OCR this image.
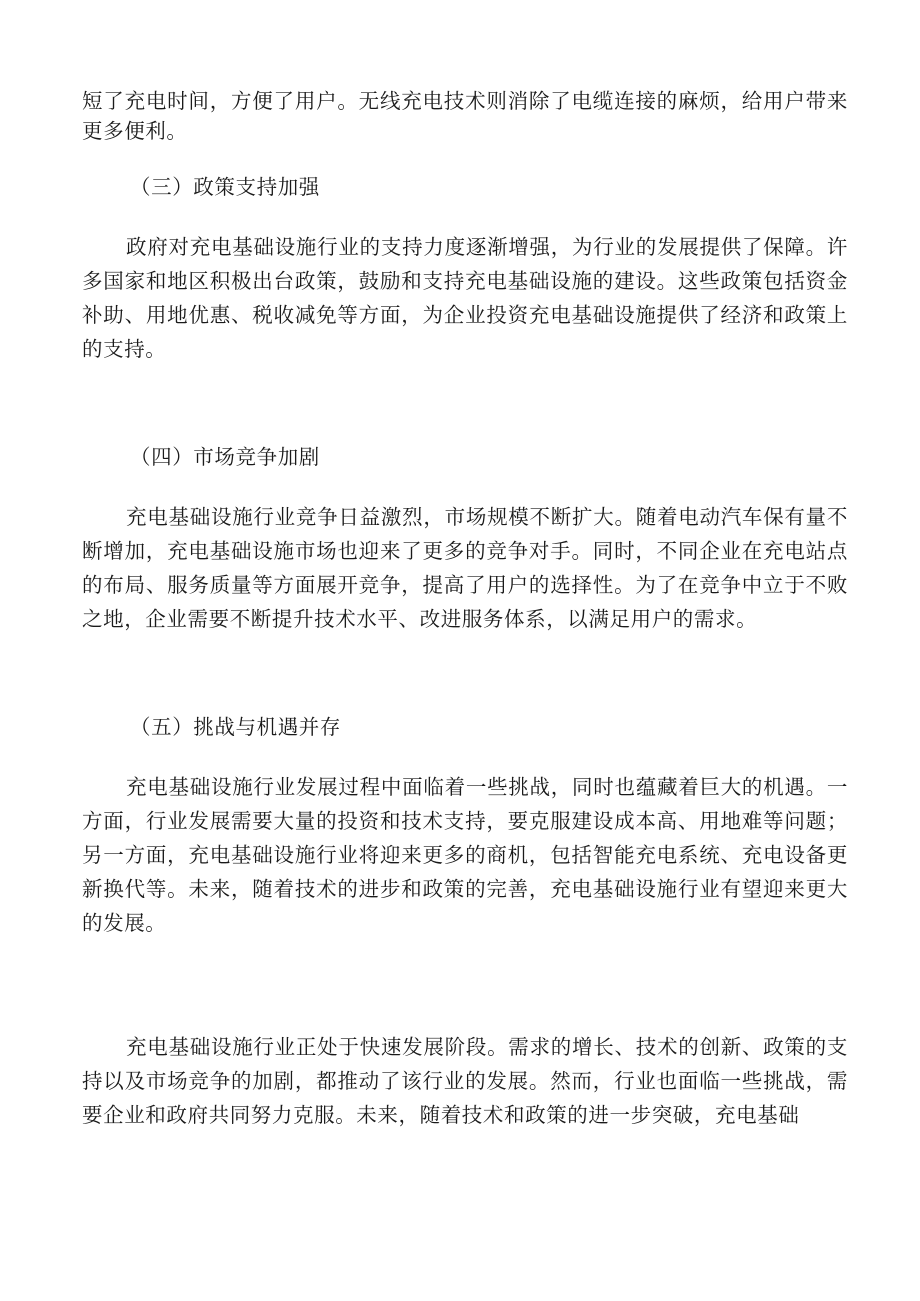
短了充电时间，方便了用户。无线充电技术则消除了电缆连接的麻烦，给用户带来更多便利。

（三）政策支持加强

政府对充电基础设施行业的支持力度逐渐增强，为行业的发展提供了保障。许多国家和地区积极出台政策，鼓励和支持充电基础设施的建设。这些政策包括资金补助、用地优惠、税收减免等方面，为企业投资充电基础设施提供了经济和政策上的支持。

（四）市场竞争加剧

充电基础设施行业竞争日益激烈，市场规模不断扩大。随着电动汽车保有量不断增加，充电基础设施市场也迎来了更多的竞争对手。同时，不同企业在充电站点的布局、服务质量等方面展开竞争，提高了用户的选择性。为了在竞争中立于不败之地，企业需要不断提升技术水平、改进服务体系，以满足用户的需求。

（五）挑战与机遇并存

充电基础设施行业发展过程中面临着一些挑战，同时也蕴藏着巨大的机遇。一方面，行业发展需要大量的投资和技术支持，要克服建设成本高、用地难等问题；另一方面，充电基础设施行业将迎来更多的商机，包括智能充电系统、充电设备更新换代等。未来，随着技术的进步和政策的完善，充电基础设施行业有望迎来更大的发展。

充电基础设施行业正处于快速发展阶段。需求的增长、技术的创新、政策的支持以及市场竞争的加剧，都推动了该行业的发展。然而，行业也面临一些挑战，需要企业和政府共同努力克服。未来，随着技术和政策的进一步突破，充电基础
